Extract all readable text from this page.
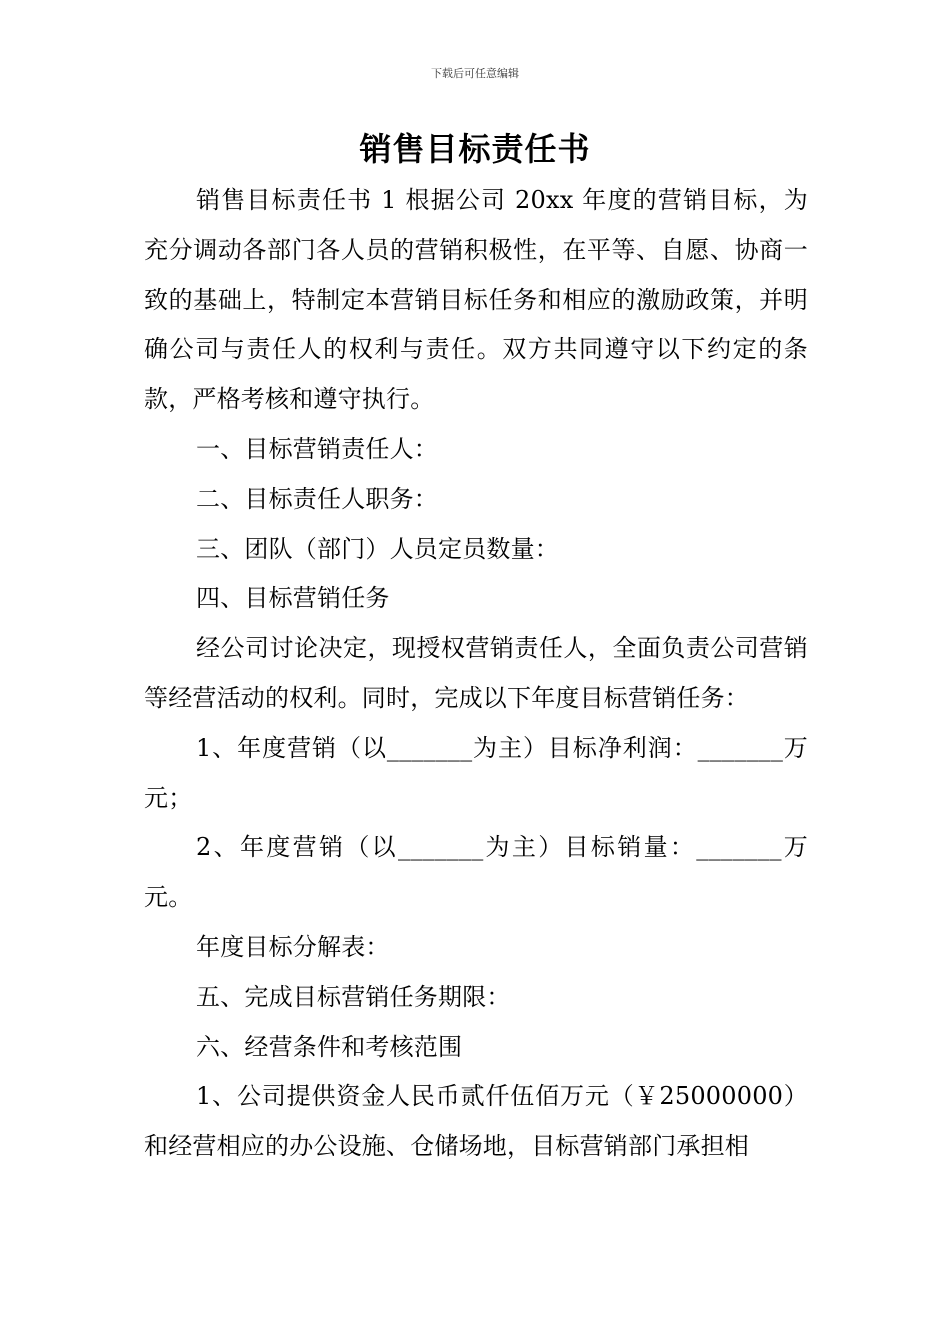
下载后可任意编辑
销售目标责任书

销售目标责任书 1 根据公司 20xx 年度的营销目标，为充分调动各部门各人员的营销积极性，在平等、自愿、协商一致的基础上，特制定本营销目标任务和相应的激励政策，并明确公司与责任人的权利与责任。双方共同遵守以下约定的条款，严格考核和遵守执行。

一、目标营销责任人：

二、目标责任人职务：

三、团队（部门）人员定员数量：

四、目标营销任务

经公司讨论决定，现授权营销责任人，全面负责公司营销等经营活动的权利。同时，完成以下年度目标营销任务：

1、年度营销（以_______为主）目标净利润：_______万元；

2、年度营销（以_______为主）目标销量：_______万元。

年度目标分解表：

五、完成目标营销任务期限：

六、经营条件和考核范围

1、公司提供资金人民币贰仟伍佰万元（￥25000000）和经营相应的办公设施、仓储场地，目标营销部门承担相
